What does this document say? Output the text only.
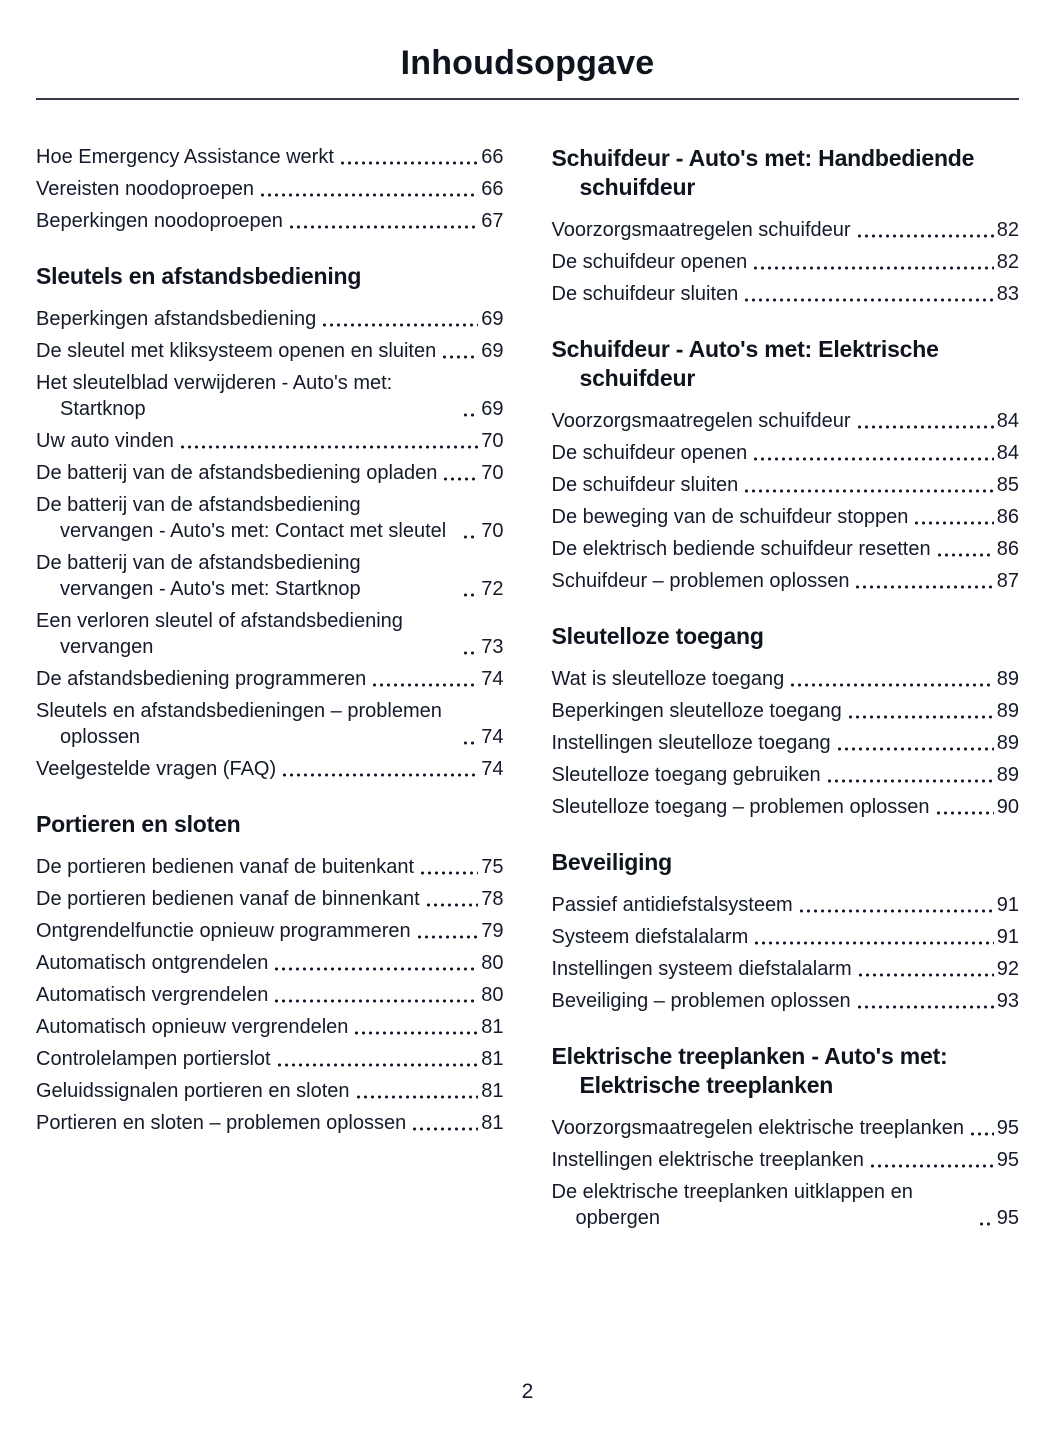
Inhoudsopgave
Hoe Emergency Assistance werkt	66
Vereisten noodoproepen	66
Beperkingen noodoproepen	67
Sleutels en afstandsbediening
Beperkingen afstandsbediening	69
De sleutel met kliksysteem openen en sluiten 69
Het sleutelblad verwijderen - Auto's met: Startknop	69
Uw auto vinden	70
De batterij van de afstandsbediening opladen 70
De batterij van de afstandsbediening vervangen - Auto's met: Contact met sleutel	70
De batterij van de afstandsbediening vervangen - Auto's met: Startknop	72
Een verloren sleutel of afstandsbediening vervangen	73
De afstandsbediening programmeren	74
Sleutels en afstandsbedieningen – problemen oplossen	74
Veelgestelde vragen (FAQ)	74
Portieren en sloten
De portieren bedienen vanaf de buitenkant	75
De portieren bedienen vanaf de binnenkant	78
Ontgrendelfunctie opnieuw programmeren	79
Automatisch ontgrendelen	80
Automatisch vergrendelen	80
Automatisch opnieuw vergrendelen	81
Controlelampen portierslot	81
Geluidssignalen portieren en sloten	81
Portieren en sloten – problemen oplossen	81
Schuifdeur - Auto's met: Handbediende schuifdeur
Voorzorgsmaatregelen schuifdeur	82
De schuifdeur openen	82
De schuifdeur sluiten	83
Schuifdeur - Auto's met: Elektrische schuifdeur
Voorzorgsmaatregelen schuifdeur	84
De schuifdeur openen	84
De schuifdeur sluiten	85
De beweging van de schuifdeur stoppen	86
De elektrisch bediende schuifdeur resetten	86
Schuifdeur – problemen oplossen	87
Sleutelloze toegang
Wat is sleutelloze toegang	89
Beperkingen sleutelloze toegang	89
Instellingen sleutelloze toegang	89
Sleutelloze toegang gebruiken	89
Sleutelloze toegang – problemen oplossen	90
Beveiliging
Passief antidiefstalsysteem	91
Systeem diefstalalarm	91
Instellingen systeem diefstalalarm	92
Beveiliging – problemen oplossen	93
Elektrische treeplanken - Auto's met: Elektrische treeplanken
Voorzorgsmaatregelen elektrische treeplanken 95
Instellingen elektrische treeplanken	95
De elektrische treeplanken uitklappen en opbergen	95
2
